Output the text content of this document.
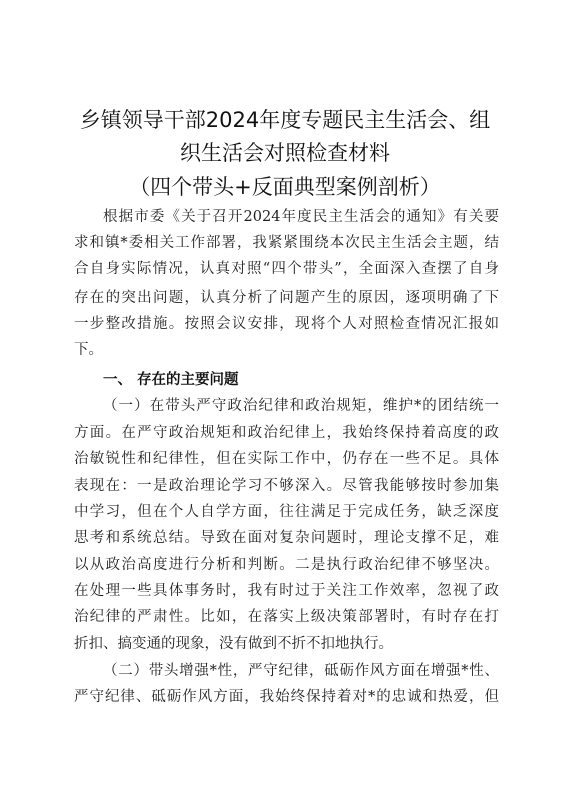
乡镇领导干部2024年度专题民主生活会、组
织生活会对照检查材料
（四个带头+反面典型案例剖析）
根据市委《关于召开2024年度民主生活会的通知》有关要
求和镇*委相关工作部署，我紧紧围绕本次民主生活会主题，结
合自身实际情况，认真对照“四个带头”，全面深入查摆了自身
存在的突出问题，认真分析了问题产生的原因，逐项明确了下
一步整改措施。按照会议安排，现将个人对照检查情况汇报如
下。
一、 存在的主要问题
（一）在带头严守政治纪律和政治规矩，维护*的团结统一
方面。在严守政治规矩和政治纪律上，我始终保持着高度的政
治敏锐性和纪律性，但在实际工作中，仍存在一些不足。具体
表现在：一是政治理论学习不够深入。尽管我能够按时参加集
中学习，但在个人自学方面，往往满足于完成任务，缺乏深度
思考和系统总结。导致在面对复杂问题时，理论支撑不足，难
以从政治高度进行分析和判断。二是执行政治纪律不够坚决。
在处理一些具体事务时，我有时过于关注工作效率，忽视了政
治纪律的严肃性。比如，在落实上级决策部署时，有时存在打
折扣、搞变通的现象，没有做到不折不扣地执行。
（二）带头增强*性，严守纪律，砥砺作风方面在增强*性、
严守纪律、砥砺作风方面，我始终保持着对*的忠诚和热爱，但
